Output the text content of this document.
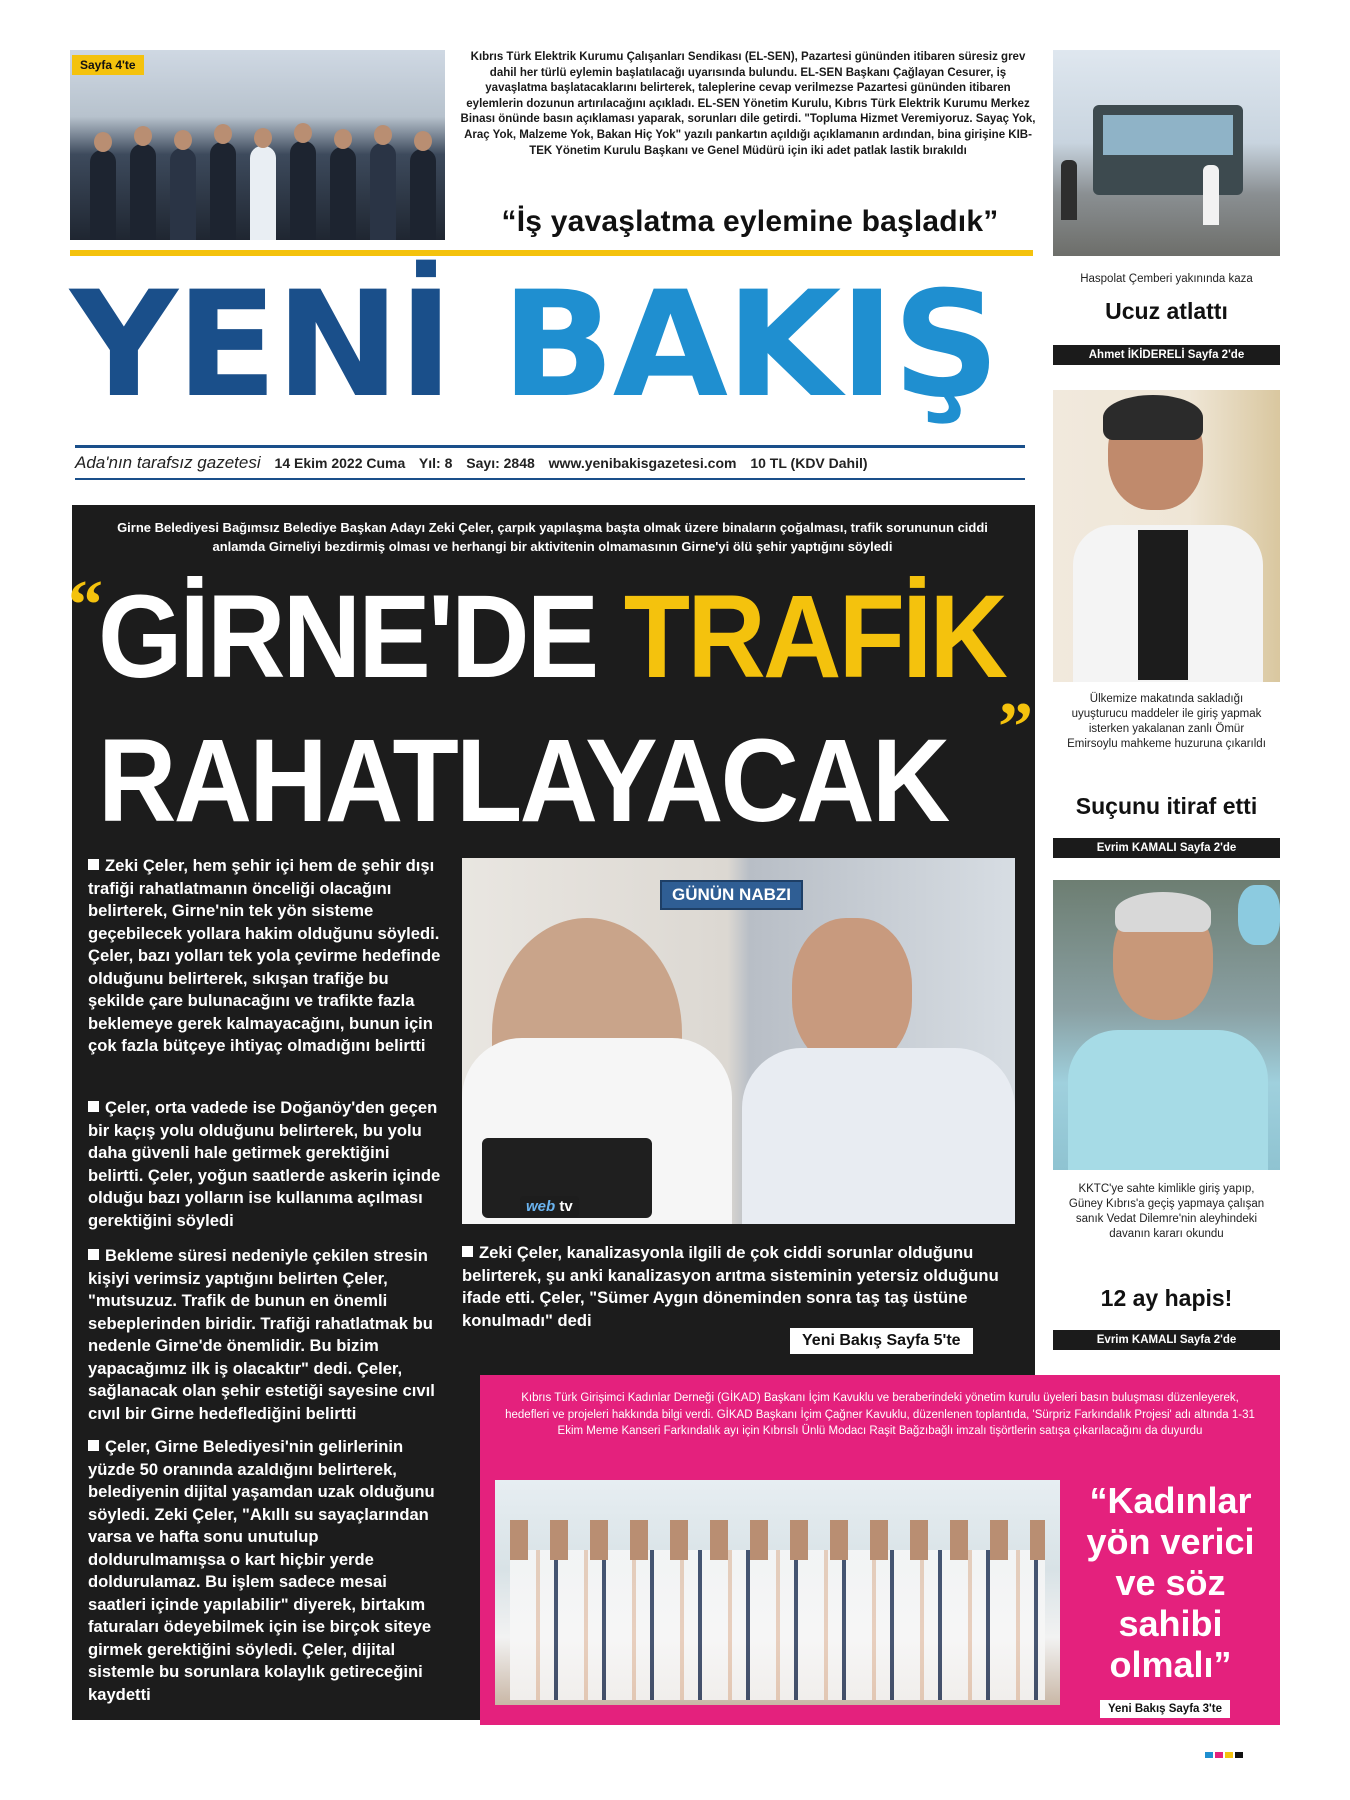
Sayfa 4'te
Kıbrıs Türk Elektrik Kurumu Çalışanları Sendikası (EL-SEN), Pazartesi gününden itibaren süresiz grev dahil her türlü eylemin başlatılacağı uyarısında bulundu. EL-SEN Başkanı Çağlayan Cesurer, iş yavaşlatma başlatacaklarını belirterek, taleplerine cevap verilmezse Pazartesi gününden itibaren eylemlerin dozunun artırılacağını açıkladı. EL-SEN Yönetim Kurulu, Kıbrıs Türk Elektrik Kurumu Merkez Binası önünde basın açıklaması yaparak, sorunları dile getirdi. "Topluma Hizmet Veremiyoruz. Sayaç Yok, Araç Yok, Malzeme Yok, Bakan Hiç Yok" yazılı pankartın açıldığı açıklamanın ardından, bina girişine KIB-TEK Yönetim Kurulu Başkanı ve Genel Müdürü için iki adet patlak lastik bırakıldı
“İş yavaşlatma eylemine başladık”
YENİ BAKIŞ
Ada'nın tarafsız gazetesi 14 Ekim 2022 Cuma Yıl: 8 Sayı: 2848 www.yenibakisgazetesi.com 10 TL (KDV Dahil)
Haspolat Çemberi yakınında kaza
Ucuz atlattı
Ahmet İKİDERELİ Sayfa 2'de
Ülkemize makatında sakladığı uyuşturucu maddeler ile giriş yapmak isterken yakalanan zanlı Ömür Emirsoylu mahkeme huzuruna çıkarıldı
Suçunu itiraf etti
Evrim KAMALI Sayfa 2'de
KKTC'ye sahte kimlikle giriş yapıp, Güney Kıbrıs'a geçiş yapmaya çalışan sanık Vedat Dilemre'nin aleyhindeki davanın kararı okundu
12 ay hapis!
Evrim KAMALI Sayfa 2'de
Girne Belediyesi Bağımsız Belediye Başkan Adayı Zeki Çeler, çarpık yapılaşma başta olmak üzere binaların çoğalması, trafik sorununun ciddi anlamda Girneliyi bezdirmiş olması ve herhangi bir aktivitenin olmamasının Girne'yi ölü şehir yaptığını söyledi
“
GİRNE'DE TRAFİK
RAHATLAYACAK ”
GÜNÜN NABZI
web tv
Zeki Çeler, hem şehir içi hem de şehir dışı trafiği rahatlatmanın önceliği olacağını belirterek, Girne'nin tek yön sisteme geçebilecek yollara hakim olduğunu söyledi. Çeler, bazı yolları tek yola çevirme hedefinde olduğunu belirterek, sıkışan trafiğe bu şekilde çare bulunacağını ve trafikte fazla beklemeye gerek kalmayacağını, bunun için çok fazla bütçeye ihtiyaç olmadığını belirtti
Çeler, orta vadede ise Doğanöy'den geçen bir kaçış yolu olduğunu belirterek, bu yolu daha güvenli hale getirmek gerektiğini belirtti. Çeler, yoğun saatlerde askerin içinde olduğu bazı yolların ise kullanıma açılması gerektiğini söyledi
Bekleme süresi nedeniyle çekilen stresin kişiyi verimsiz yaptığını belirten Çeler, "mutsuzuz. Trafik de bunun en önemli sebeplerinden biridir. Trafiği rahatlatmak bu nedenle Girne'de önemlidir. Bu bizim yapacağımız ilk iş olacaktır" dedi. Çeler, sağlanacak olan şehir estetiği sayesine cıvıl cıvıl bir Girne hedeflediğini belirtti
Çeler, Girne Belediyesi'nin gelirlerinin yüzde 50 oranında azaldığını belirterek, belediyenin dijital yaşamdan uzak olduğunu söyledi. Zeki Çeler, "Akıllı su sayaçlarından varsa ve hafta sonu unutulup doldurulmamışsa o kart hiçbir yerde doldurulamaz. Bu işlem sadece mesai saatleri içinde yapılabilir" diyerek, birtakım faturaları ödeyebilmek için ise birçok siteye girmek gerektiğini söyledi. Çeler, dijital sistemle bu sorunlara kolaylık getireceğini kaydetti
Zeki Çeler, kanalizasyonla ilgili de çok ciddi sorunlar olduğunu belirterek, şu anki kanalizasyon arıtma sisteminin yetersiz olduğunu ifade etti. Çeler, "Sümer Aygın döneminden sonra taş taş üstüne konulmadı" dedi
Yeni Bakış Sayfa 5'te
Kıbrıs Türk Girişimci Kadınlar Derneği (GİKAD) Başkanı İçim Kavuklu ve beraberindeki yönetim kurulu üyeleri basın buluşması düzenleyerek, hedefleri ve projeleri hakkında bilgi verdi. GİKAD Başkanı İçim Çağner Kavuklu, düzenlenen toplantıda, 'Sürpriz Farkındalık Projesi' adı altında 1-31 Ekim Meme Kanseri Farkındalık ayı için Kıbrıslı Ünlü Modacı Raşit Bağzıbağlı imzalı tişörtlerin satışa çıkarılacağını da duyurdu
“Kadınlar
yön verici
ve söz
sahibi
olmalı”
Yeni Bakış Sayfa 3'te
